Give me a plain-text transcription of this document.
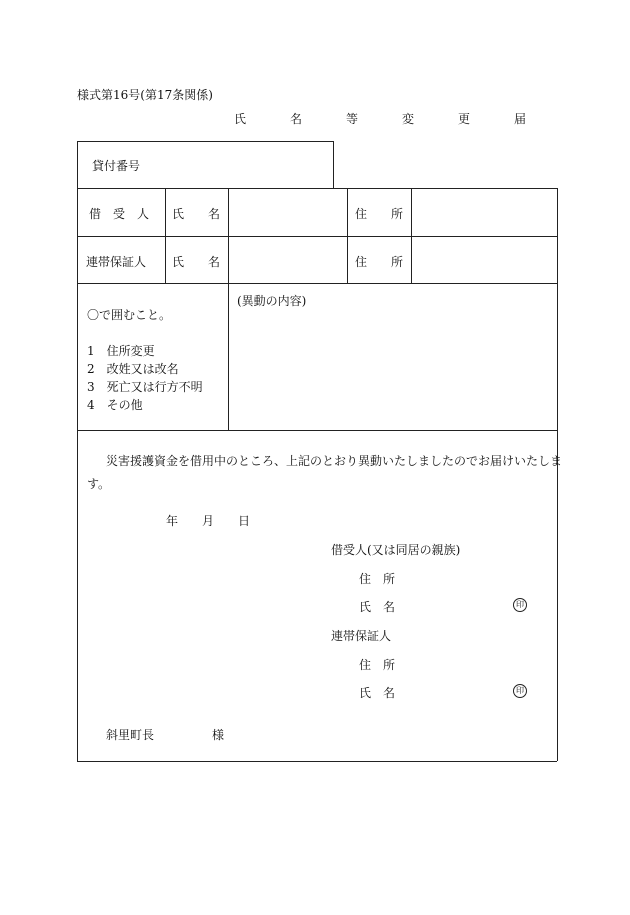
様式第16号(第17条関係)
氏　名　等　変　更　届
貸付番号
借　受　人 氏　　名	住　　所
連帯保証人 氏　　名	住　　所
〇で囲むこと。
1　住所変更
2　改姓又は改名
3　死亡又は行方不明
4　その他
(異動の内容)
災害援護資金を借用中のところ、上記のとおり異動いたしましたのでお届けいたしま
す。
年 月 日
借受人(又は同居の親族)
住　所
氏　名	印
連帯保証人
住　所
氏　名	印
斜里町長	様
